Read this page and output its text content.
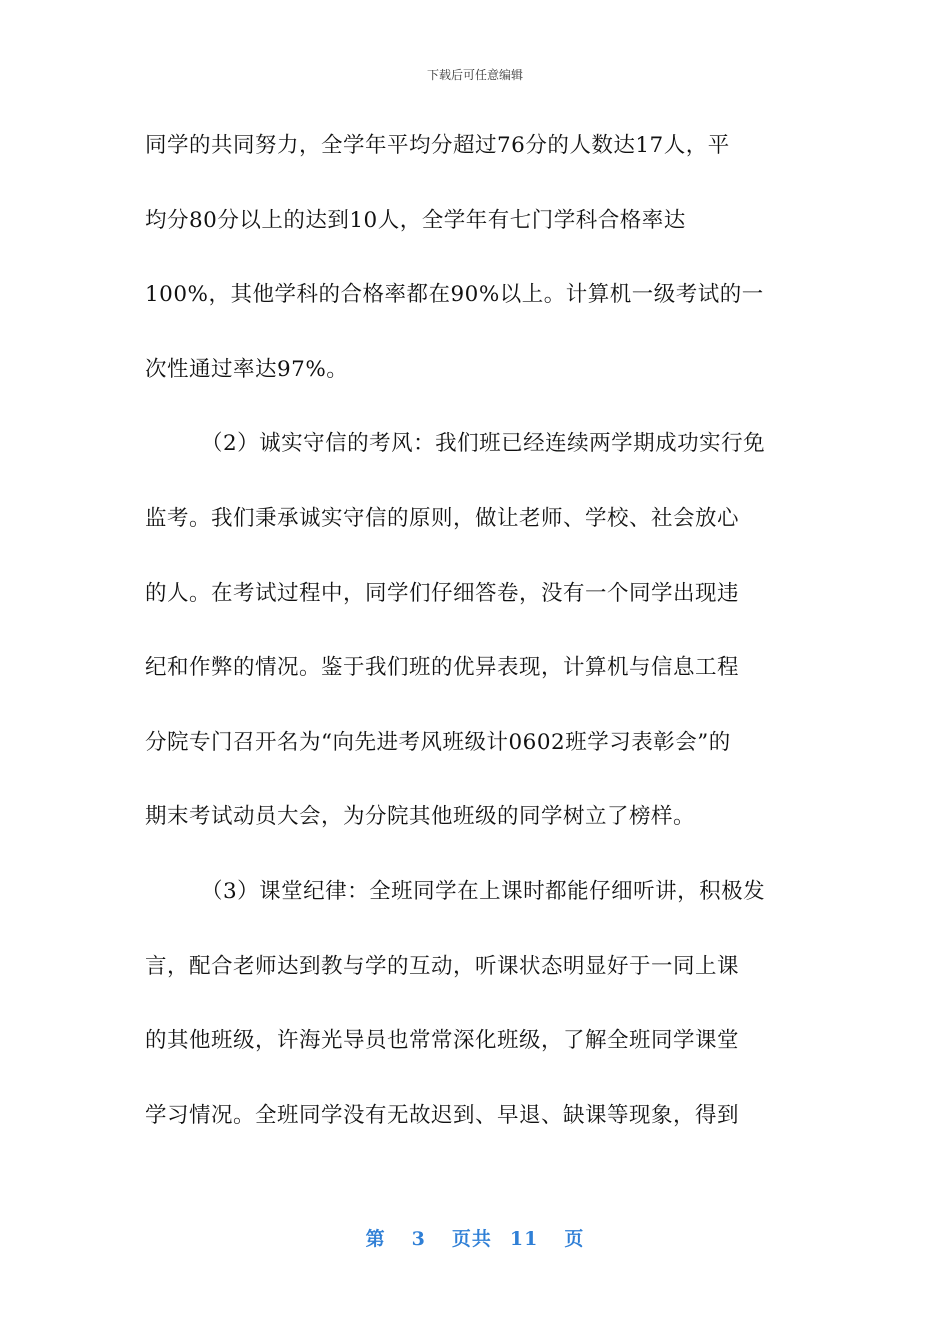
下载后可任意编辑
同学的共同努力，全学年平均分超过76分的人数达17人，平
均分80分以上的达到10人，全学年有七门学科合格率达
100%，其他学科的合格率都在90%以上。计算机一级考试的一
次性通过率达97%。
（2）诚实守信的考风：我们班已经连续两学期成功实行免
监考。我们秉承诚实守信的原则，做让老师、学校、社会放心
的人。在考试过程中，同学们仔细答卷，没有一个同学出现违
纪和作弊的情况。鉴于我们班的优异表现，计算机与信息工程
分院专门召开名为“向先进考风班级计0602班学习表彰会”的
期末考试动员大会，为分院其他班级的同学树立了榜样。
（3）课堂纪律：全班同学在上课时都能仔细听讲，积极发
言，配合老师达到教与学的互动，听课状态明显好于一同上课
的其他班级，许海光导员也常常深化班级，了解全班同学课堂
学习情况。全班同学没有无故迟到、早退、缺课等现象，得到
第 3 页共 11 页
